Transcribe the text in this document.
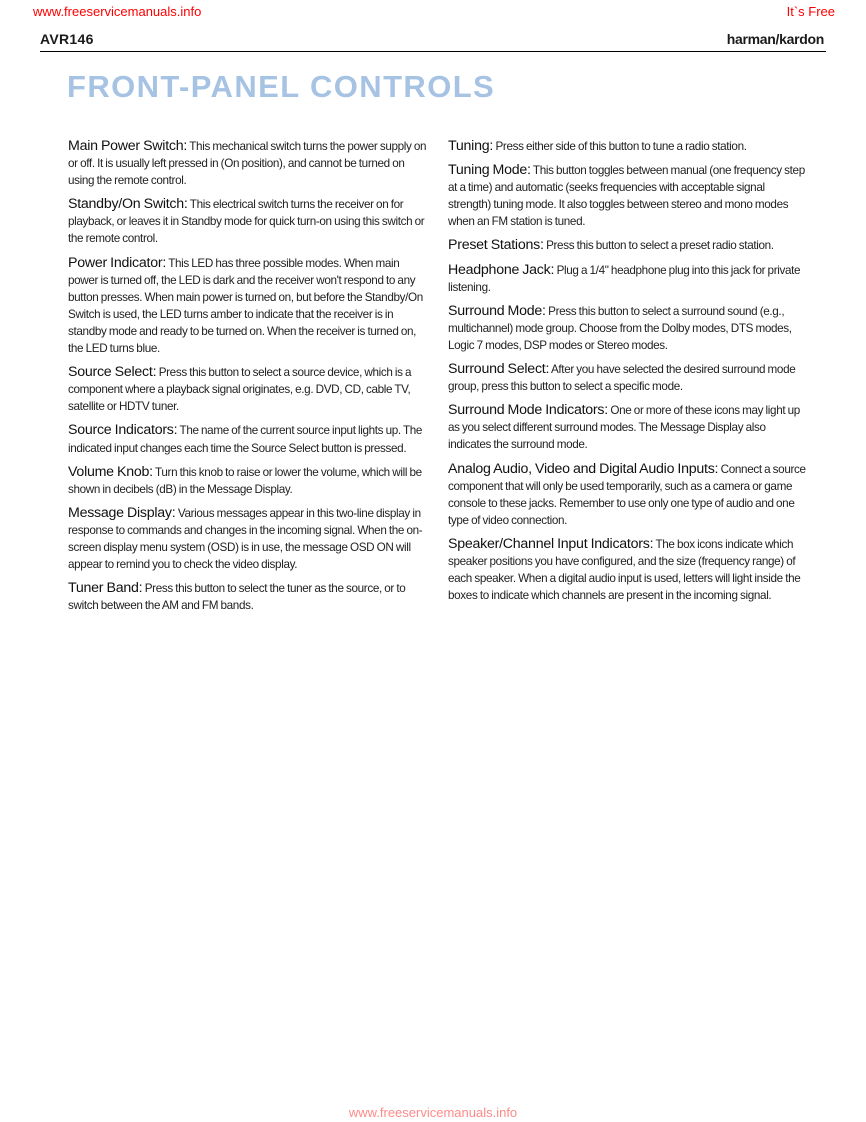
www.freeservicemanuals.info	It`s Free
AVR146	harman/kardon
FRONT-PANEL CONTROLS

Main Power Switch: This mechanical switch turns the power supply on or off. It is usually left pressed in (On position), and cannot be turned on using the remote control.

Standby/On Switch: This electrical switch turns the receiver on for playback, or leaves it in Standby mode for quick turn-on using this switch or the remote control.

Power Indicator: This LED has three possible modes. When main power is turned off, the LED is dark and the receiver won't respond to any button presses. When main power is turned on, but before the Standby/On Switch is used, the LED turns amber to indicate that the receiver is in standby mode and ready to be turned on. When the receiver is turned on, the LED turns blue.

Source Select: Press this button to select a source device, which is a component where a playback signal originates, e.g. DVD, CD, cable TV, satellite or HDTV tuner.

Source Indicators: The name of the current source input lights up. The indicated input changes each time the Source Select button is pressed.

Volume Knob: Turn this knob to raise or lower the volume, which will be shown in decibels (dB) in the Message Display.

Message Display: Various messages appear in this two-line display in response to commands and changes in the incoming signal. When the on-screen display menu system (OSD) is in use, the message OSD ON will appear to remind you to check the video display.

Tuner Band: Press this button to select the tuner as the source, or to switch between the AM and FM bands.

Tuning: Press either side of this button to tune a radio station.

Tuning Mode: This button toggles between manual (one frequency step at a time) and automatic (seeks frequencies with acceptable signal strength) tuning mode. It also toggles between stereo and mono modes when an FM station is tuned.

Preset Stations: Press this button to select a preset radio station.

Headphone Jack: Plug a 1/4" headphone plug into this jack for private listening.

Surround Mode: Press this button to select a surround sound (e.g., multichannel) mode group. Choose from the Dolby modes, DTS modes, Logic 7 modes, DSP modes or Stereo modes.

Surround Select: After you have selected the desired surround mode group, press this button to select a specific mode.

Surround Mode Indicators: One or more of these icons may light up as you select different surround modes. The Message Display also indicates the surround mode.

Analog Audio, Video and Digital Audio Inputs: Connect a source component that will only be used temporarily, such as a camera or game console to these jacks. Remember to use only one type of audio and one type of video connection.

Speaker/Channel Input Indicators: The box icons indicate which speaker positions you have configured, and the size (frequency range) of each speaker. When a digital audio input is used, letters will light inside the boxes to indicate which channels are present in the incoming signal.

www.freeservicemanuals.info
